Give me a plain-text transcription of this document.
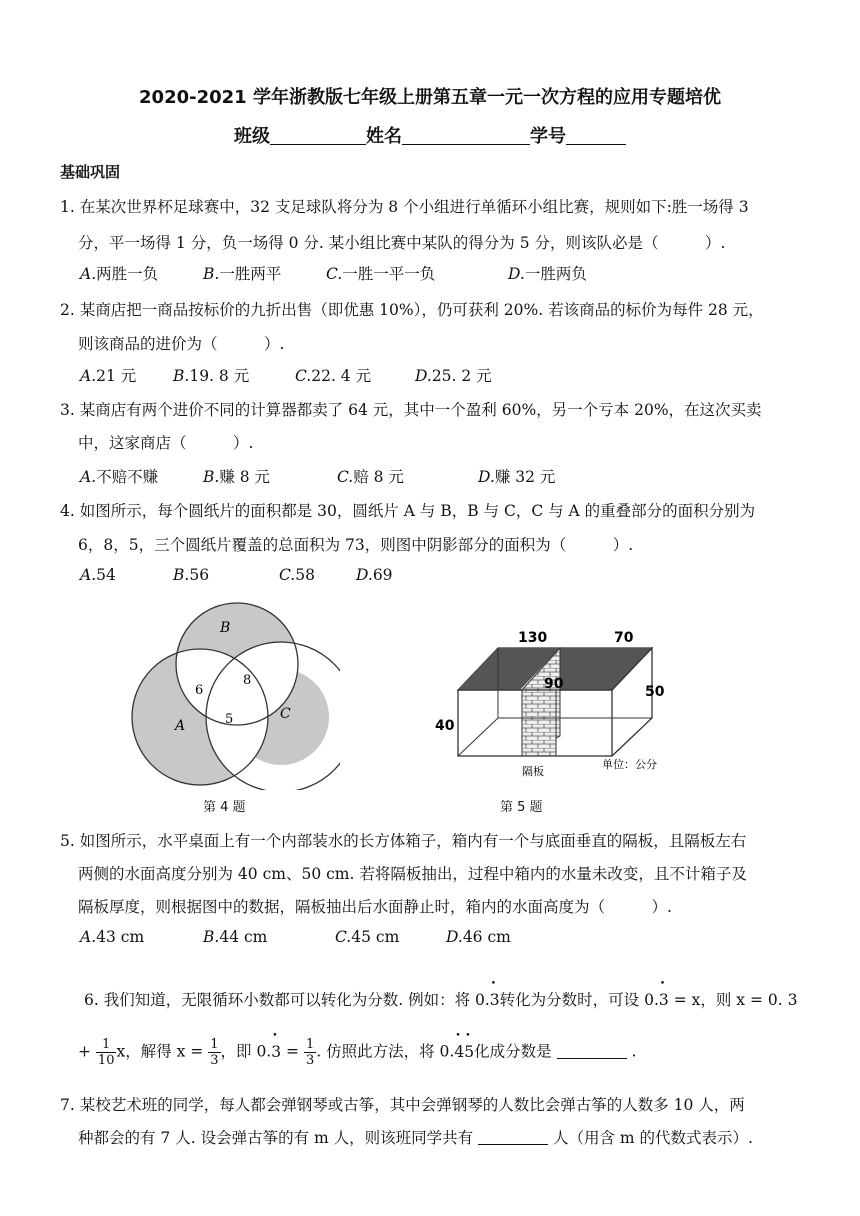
2020-2021 学年浙教版七年级上册第五章一元一次方程的应用专题培优
班级	姓名	学号
基础巩固
1. 在某次世界杯足球赛中，32 支足球队将分为 8 个小组进行单循环小组比赛，规则如下:胜一场得 3
分，平一场得 1 分，负一场得 0 分. 某小组比赛中某队的得分为 5 分，则该队必是（　　　）.
A.两胜一负	B.一胜两平	C.一胜一平一负	D.一胜两负
2. 某商店把一商品按标价的九折出售（即优惠 10%），仍可获利 20%. 若该商品的标价为每件 28 元，
则该商品的进价为（　　　）.
A.21 元 B.19. 8 元	C.22. 4 元	D.25. 2 元
3. 某商店有两个进价不同的计算器都卖了 64 元，其中一个盈利 60%，另一个亏本 20%，在这次买卖
中，这家商店（　　　）.
A.不赔不赚	B.赚 8 元	C.赔 8 元	D.赚 32 元
4. 如图所示，每个圆纸片的面积都是 30，圆纸片 A 与 B，B 与 C，C 与 A 的重叠部分的面积分别为
6，8，5，三个圆纸片覆盖的总面积为 73，则图中阴影部分的面积为（　　　）.
A.54	B.56	C.58	D.69
B
A
C
6
8
5
第 4 题
130	70
90	50
40
隔板
单位：公分
第 5 题
5. 如图所示，水平桌面上有一个内部装水的长方体箱子，箱内有一个与底面垂直的隔板，且隔板左右
两侧的水面高度分别为 40 cm、50 cm. 若将隔板抽出，过程中箱内的水量未改变，且不计箱子及
隔板厚度，则根据图中的数据，隔板抽出后水面静止时，箱内的水面高度为（　　　）.
A.43 cm	B.44 cm	C.45 cm	D.46 cm
6. 我们知道，无限循环小数都可以转化为分数. 例如：将 0.• 3转化为分数时，可设 0.• 3 = x，则 x = 0. 3
+ $\frac{1}{10}$ x，解得 $x = \frac{1}{3}$ ，即 0.• $3 = \frac{1}{3}$ . 仿照此方法，将 0.• 4• 5化成分数是	.
7. 某校艺术班的同学，每人都会弹钢琴或古筝，其中会弹钢琴的人数比会弹古筝的人数多 10 人，两
种都会的有 7 人. 设会弹古筝的有 m 人，则该班同学共有	人（用含 m 的代数式表示）.
